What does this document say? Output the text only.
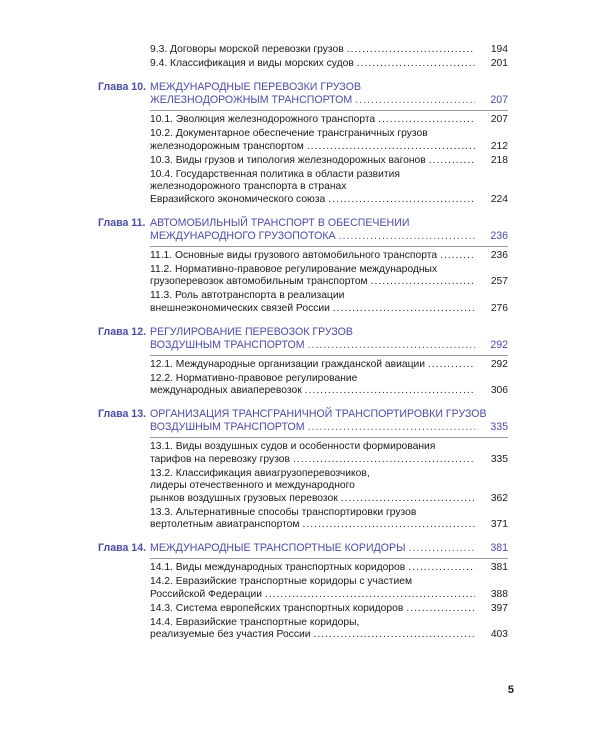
9.3. Договоры морской перевозки грузов .....	194
9.4. Классификация и виды морских судов .....	201
Глава 10. МЕЖДУНАРОДНЫЕ ПЕРЕВОЗКИ ГРУЗОВ
ЖЕЛЕЗНОДОРОЖНЫМ ТРАНСПОРТОМ .....	207
10.1. Эволюция железнодорожного транспорта .....	207
10.2. Документарное обеспечение трансграничных грузов
железнодорожным транспортом .....	212
10.3. Виды грузов и типология железнодорожных вагонов .....	218
10.4. Государственная политика в области развития
железнодорожного транспорта в странах
Евразийского экономического союза .....	224
Глава 11. АВТОМОБИЛЬНЫЙ ТРАНСПОРТ В ОБЕСПЕЧЕНИИ
МЕЖДУНАРОДНОГО ГРУЗОПОТОКА .....	236
11.1. Основные виды грузового автомобильного транспорта .....	236
11.2. Нормативно-правовое регулирование международных
грузоперевозок автомобильным транспортом .....	257
11.3. Роль автотранспорта в реализации
внешнеэкономических связей России .....	276
Глава 12. РЕГУЛИРОВАНИЕ ПЕРЕВОЗОК ГРУЗОВ
ВОЗДУШНЫМ ТРАНСПОРТОМ .....	292
12.1. Международные организации гражданской авиации .....	292
12.2. Нормативно-правовое регулирование
международных авиаперевозок .....	306
Глава 13. ОРГАНИЗАЦИЯ ТРАНСГРАНИЧНОЙ ТРАНСПОРТИРОВКИ ГРУЗОВ
ВОЗДУШНЫМ ТРАНСПОРТОМ .....	335
13.1. Виды воздушных судов и особенности формирования
тарифов на перевозку грузов .....	335
13.2. Классификация авиагрузоперевозчиков,
лидеры отечественного и международного
рынков воздушных грузовых перевозок .....	362
13.3. Альтернативные способы транспортировки грузов
вертолетным авиатранспортом .....	371
Глава 14. МЕЖДУНАРОДНЫЕ ТРАНСПОРТНЫЕ КОРИДОРЫ .....	381
14.1. Виды международных транспортных коридоров .....	381
14.2. Евразийские транспортные коридоры с участием
Российской Федерации .....	388
14.3. Система европейских транспортных коридоров .....	397
14.4. Евразийские транспортные коридоры,
реализуемые без участия России .....	403
5
